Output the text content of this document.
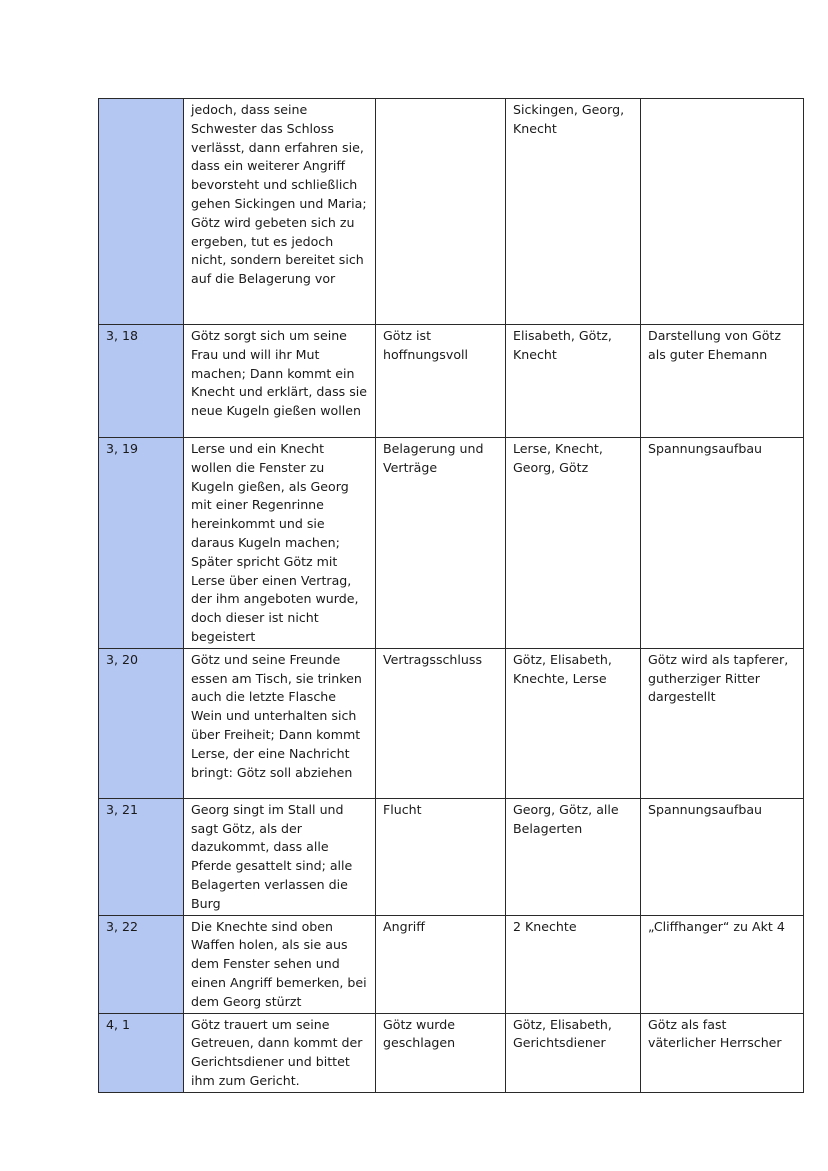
	jedoch, dass seine Schwester das Schloss verlässt, dann erfahren sie, dass ein weiterer Angriff bevorsteht und schließlich gehen Sickingen und Maria; Götz wird gebeten sich zu ergeben, tut es jedoch nicht, sondern bereitet sich auf die Belagerung vor		Sickingen, Georg, Knecht	
3, 18	Götz sorgt sich um seine Frau und will ihr Mut machen; Dann kommt ein Knecht und erklärt, dass sie neue Kugeln gießen wollen	Götz ist hoffnungsvoll	Elisabeth, Götz, Knecht	Darstellung von Götz als guter Ehemann
3, 19	Lerse und ein Knecht wollen die Fenster zu Kugeln gießen, als Georg mit einer Regenrinne hereinkommt und sie daraus Kugeln machen; Später spricht Götz mit Lerse über einen Vertrag, der ihm angeboten wurde, doch dieser ist nicht begeistert	Belagerung und Verträge	Lerse, Knecht, Georg, Götz	Spannungsaufbau
3, 20	Götz und seine Freunde essen am Tisch, sie trinken auch die letzte Flasche Wein und unterhalten sich über Freiheit; Dann kommt Lerse, der eine Nachricht bringt: Götz soll abziehen	Vertragsschluss	Götz, Elisabeth, Knechte, Lerse	Götz wird als tapferer, gutherziger Ritter dargestellt
3, 21	Georg singt im Stall und sagt Götz, als der dazukommt, dass alle Pferde gesattelt sind; alle Belagerten verlassen die Burg	Flucht	Georg, Götz, alle Belagerten	Spannungsaufbau
3, 22	Die Knechte sind oben Waffen holen, als sie aus dem Fenster sehen und einen Angriff bemerken, bei dem Georg stürzt	Angriff	2 Knechte	„Cliffhanger“ zu Akt 4
4, 1	Götz trauert um seine Getreuen, dann kommt der Gerichtsdiener und bittet ihm zum Gericht.	Götz wurde geschlagen	Götz, Elisabeth, Gerichtsdiener	Götz als fast väterlicher Herrscher
